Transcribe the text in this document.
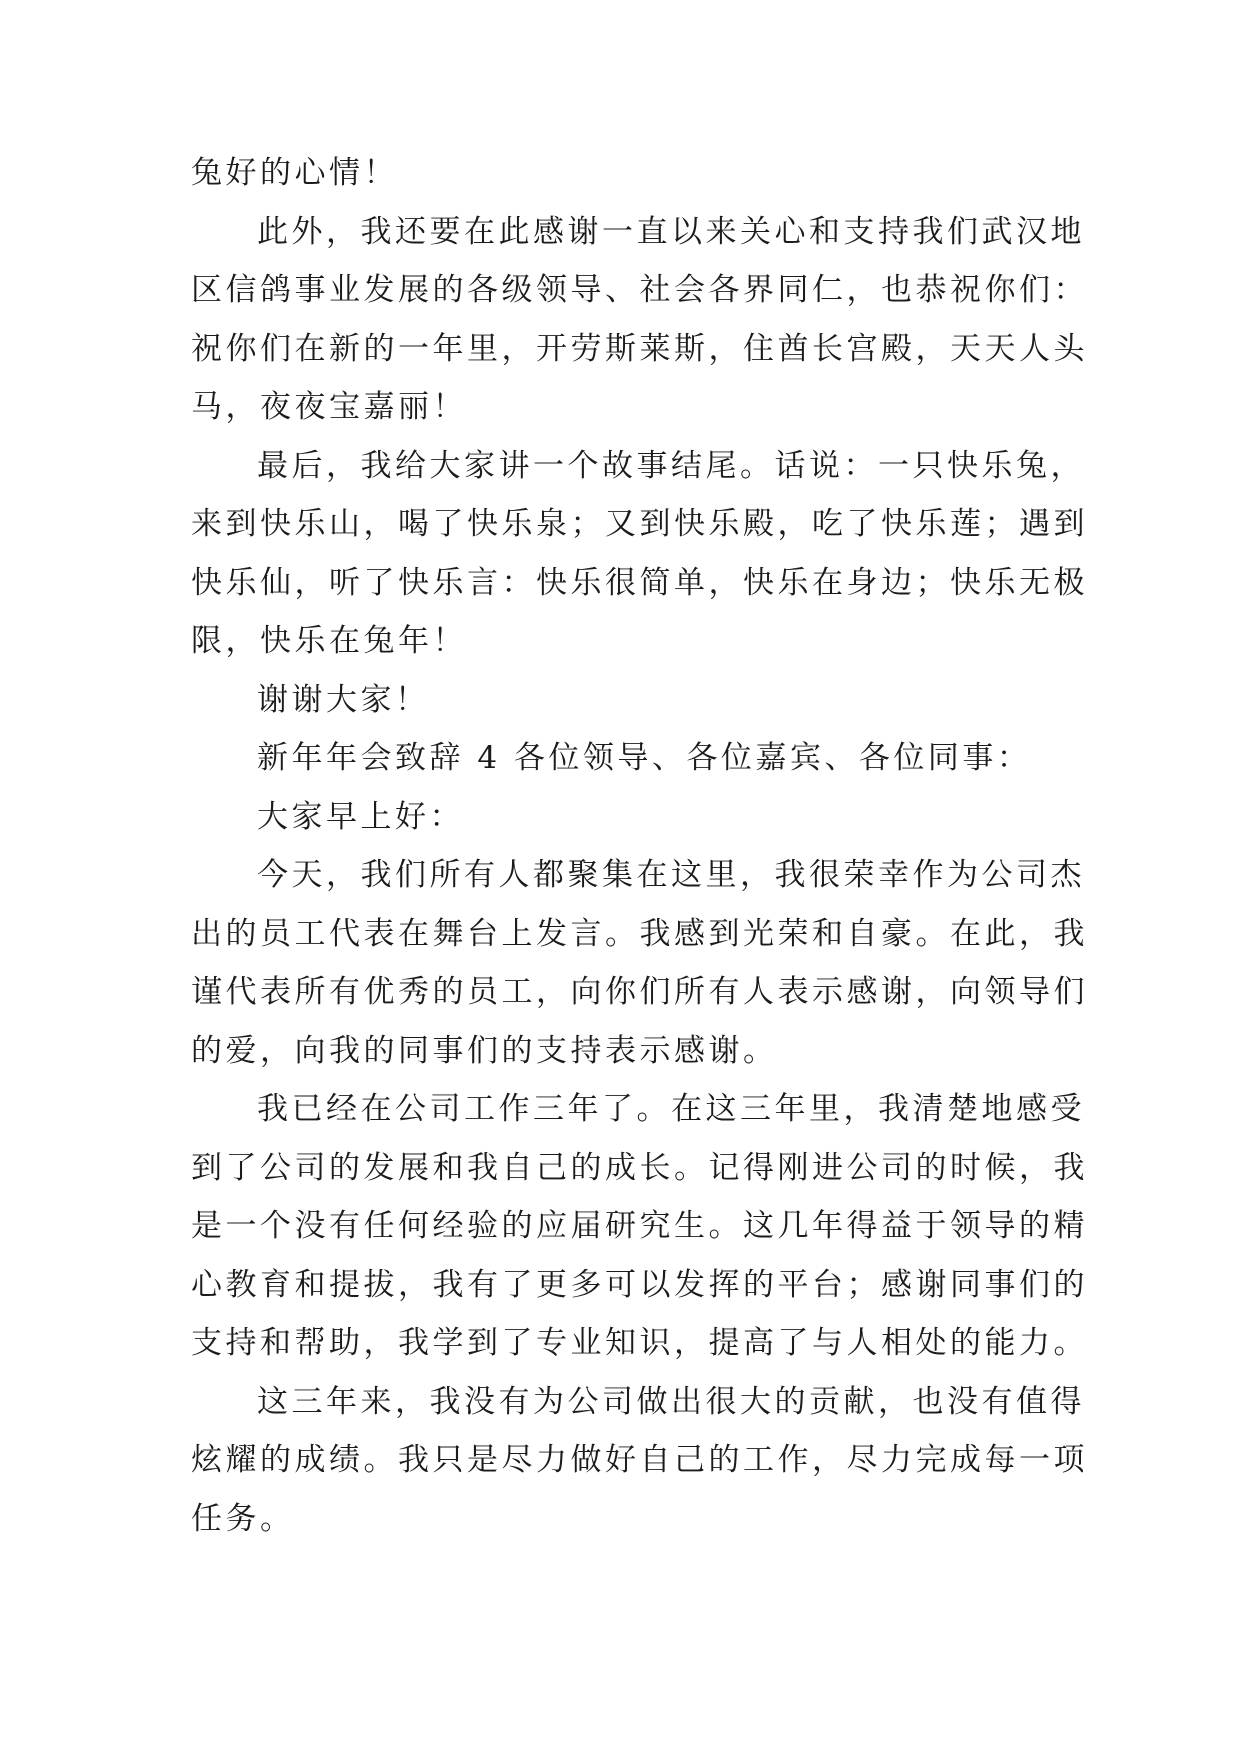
兔好的心情！
此外，我还要在此感谢一直以来关心和支持我们武汉地
区信鸽事业发展的各级领导、社会各界同仁，也恭祝你们：
祝你们在新的一年里，开劳斯莱斯，住酋长宫殿，天天人头
马，夜夜宝嘉丽！
最后，我给大家讲一个故事结尾。话说：一只快乐兔，
来到快乐山，喝了快乐泉；又到快乐殿，吃了快乐莲；遇到
快乐仙，听了快乐言：快乐很简单，快乐在身边；快乐无极
限，快乐在兔年！
谢谢大家！
新年年会致辞 4 各位领导、各位嘉宾、各位同事：
大家早上好：
今天，我们所有人都聚集在这里，我很荣幸作为公司杰
出的员工代表在舞台上发言。我感到光荣和自豪。在此，我
谨代表所有优秀的员工，向你们所有人表示感谢，向领导们
的爱，向我的同事们的支持表示感谢。
我已经在公司工作三年了。在这三年里，我清楚地感受
到了公司的发展和我自己的成长。记得刚进公司的时候，我
是一个没有任何经验的应届研究生。这几年得益于领导的精
心教育和提拔，我有了更多可以发挥的平台；感谢同事们的
支持和帮助，我学到了专业知识，提高了与人相处的能力。
这三年来，我没有为公司做出很大的贡献，也没有值得
炫耀的成绩。我只是尽力做好自己的工作，尽力完成每一项
任务。
